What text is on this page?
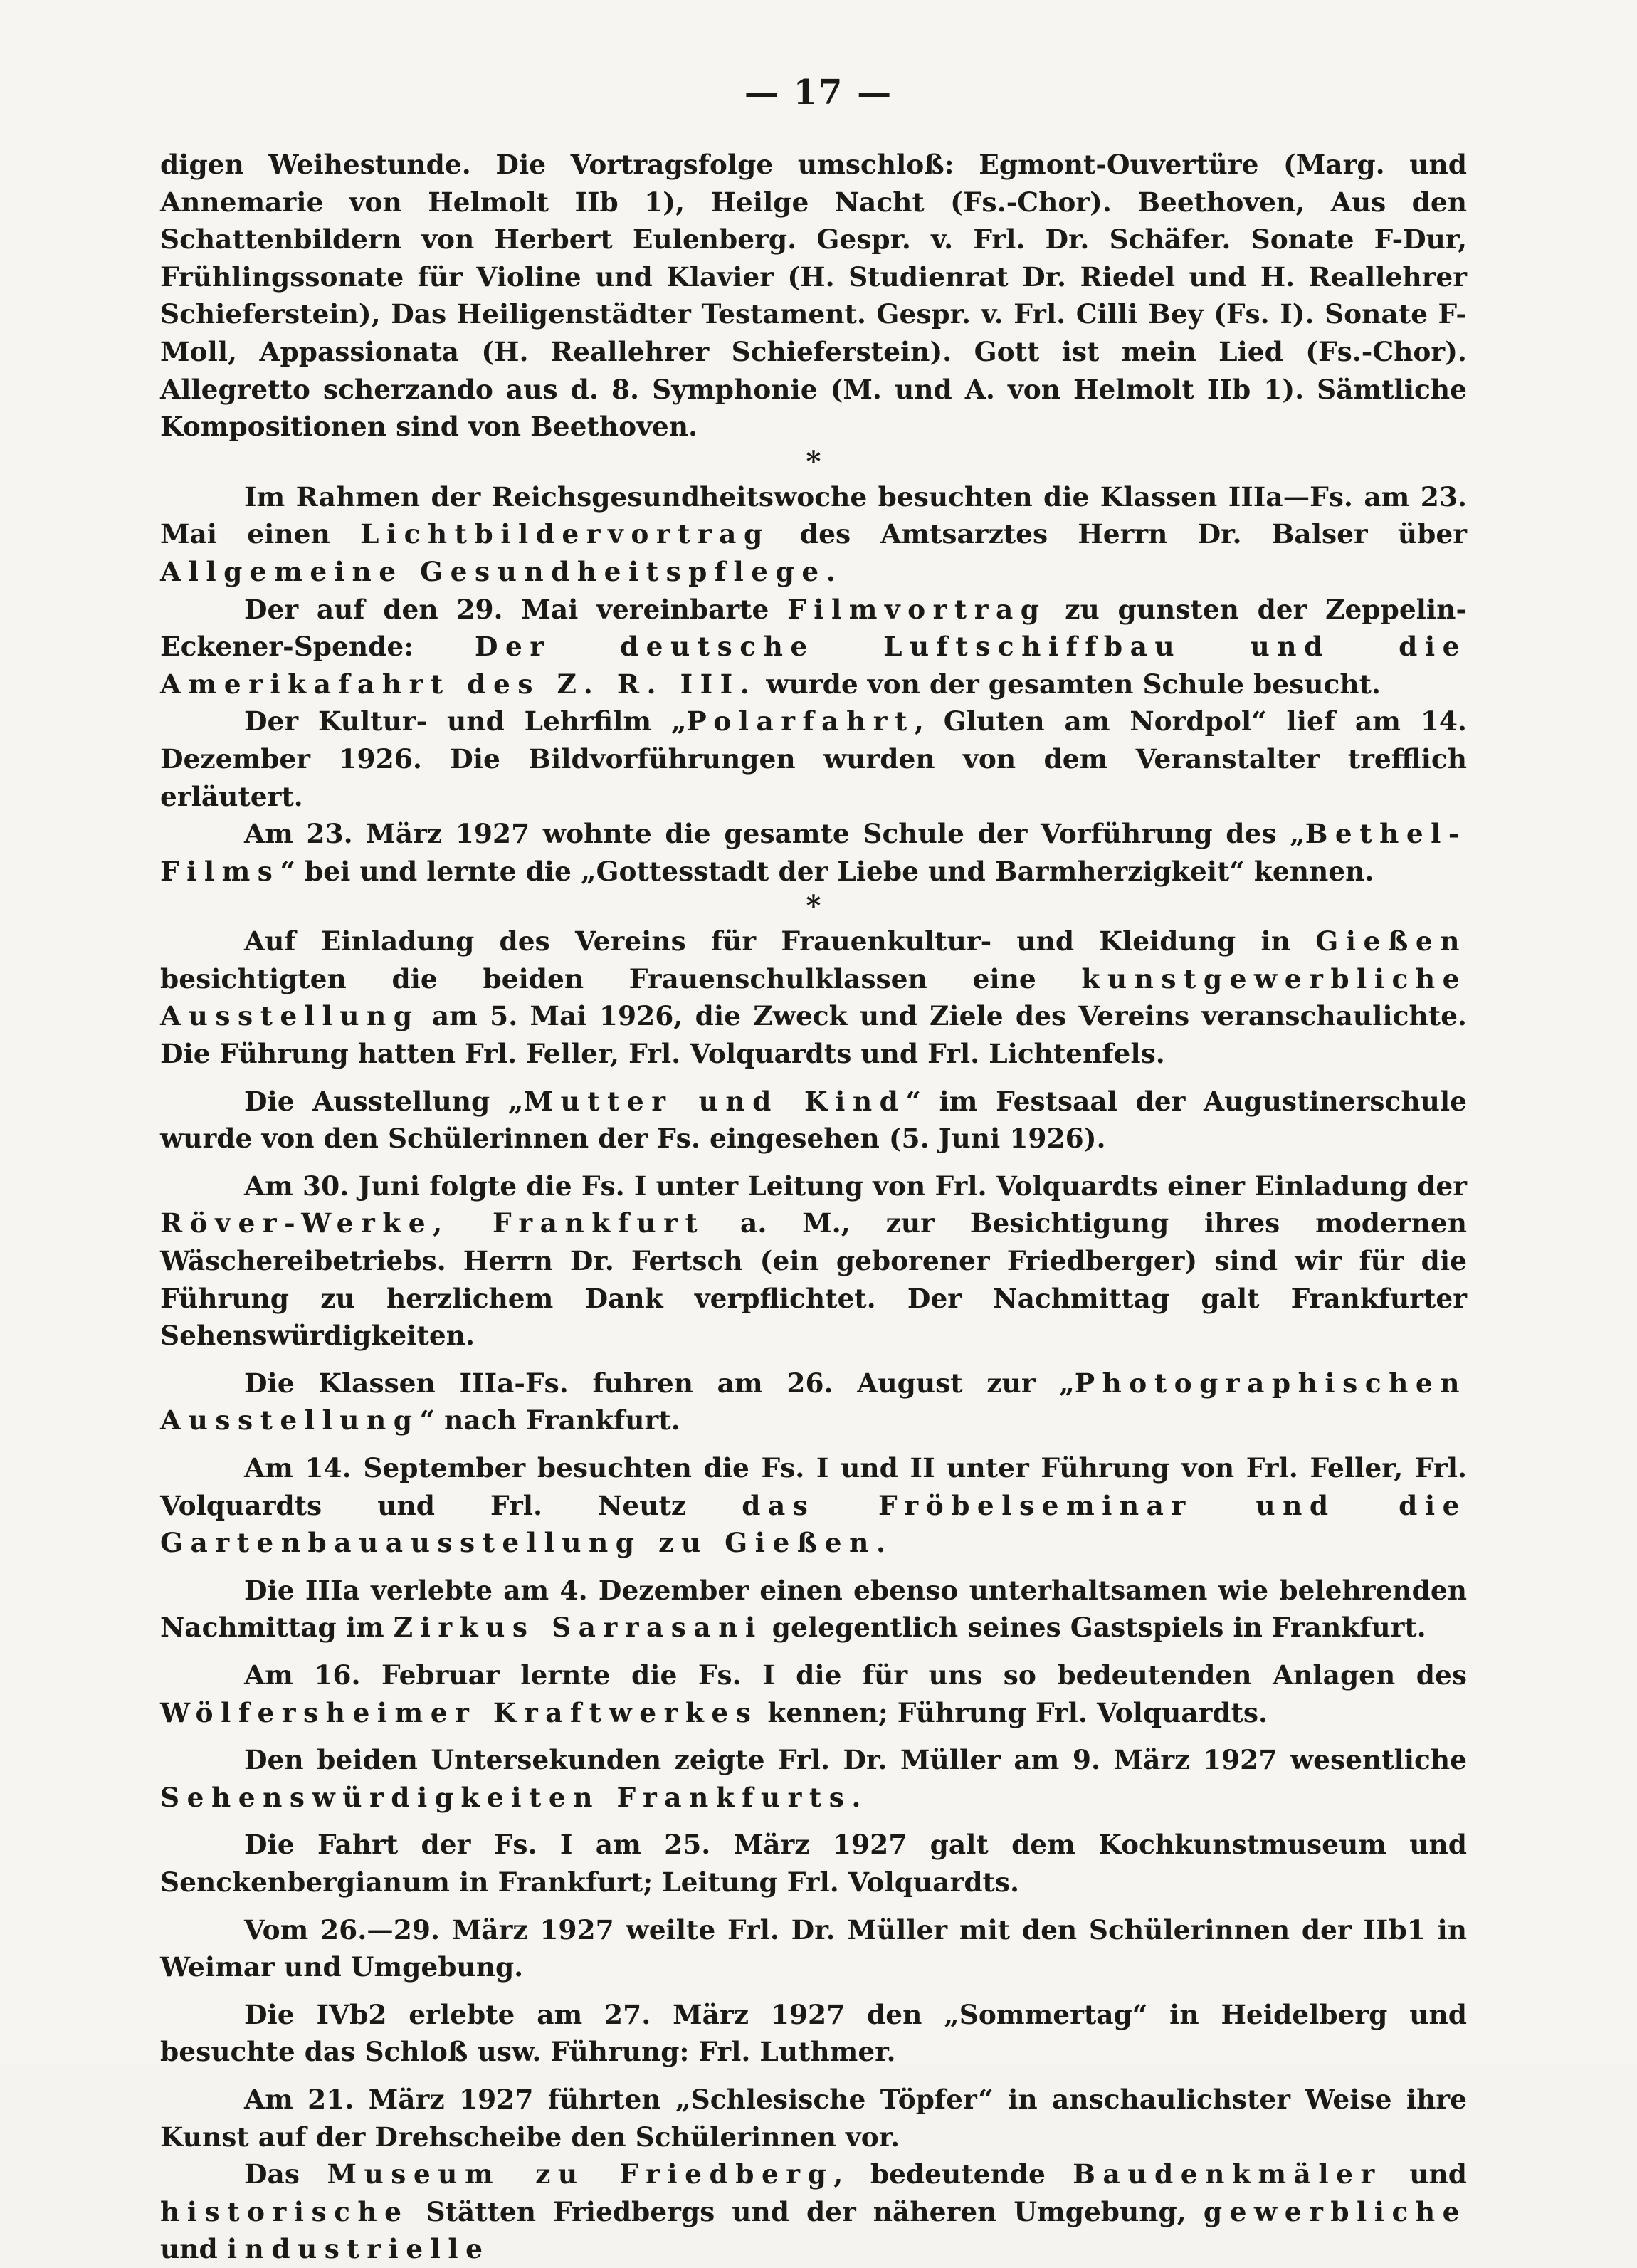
— 17 —

digen Weihestunde. Die Vortragsfolge umschloß: Egmont-Ouvertüre (Marg. und Annemarie von Helmolt IIb 1), Heilge Nacht (Fs.-Chor). Beethoven, Aus den Schattenbildern von Herbert Eulenberg. Gespr. v. Frl. Dr. Schäfer. Sonate F-Dur, Frühlingssonate für Violine und Klavier (H. Studienrat Dr. Riedel und H. Reallehrer Schieferstein), Das Heiligenstädter Testament. Gespr. v. Frl. Cilli Bey (Fs. I). Sonate F-Moll, Appassionata (H. Reallehrer Schieferstein). Gott ist mein Lied (Fs.-Chor). Allegretto scherzando aus d. 8. Symphonie (M. und A. von Helmolt IIb 1). Sämtliche Kompositionen sind von Beethoven.

*

Im Rahmen der Reichsgesundheitswoche besuchten die Klassen IIIa—Fs. am 23. Mai einen Lichtbildervortrag des Amtsarztes Herrn Dr. Balser über Allgemeine Gesundheitspflege.

Der auf den 29. Mai vereinbarte Filmvortrag zu gunsten der Zeppelin-Eckener-Spende: Der deutsche Luftschiffbau und die Amerikafahrt des Z. R. III. wurde von der gesamten Schule besucht.

Der Kultur- und Lehrfilm „Polarfahrt, Gluten am Nordpol“ lief am 14. Dezember 1926. Die Bildvorführungen wurden von dem Veranstalter trefflich erläutert.

Am 23. März 1927 wohnte die gesamte Schule der Vorführung des „Bethel-Films“ bei und lernte die „Gottesstadt der Liebe und Barmherzigkeit“ kennen.

*

Auf Einladung des Vereins für Frauenkultur- und Kleidung in Gießen besichtigten die beiden Frauenschulklassen eine kunstgewerbliche Ausstellung am 5. Mai 1926, die Zweck und Ziele des Vereins veranschaulichte. Die Führung hatten Frl. Feller, Frl. Volquardts und Frl. Lichtenfels.

Die Ausstellung „Mutter und Kind“ im Festsaal der Augustinerschule wurde von den Schülerinnen der Fs. eingesehen (5. Juni 1926).

Am 30. Juni folgte die Fs. I unter Leitung von Frl. Volquardts einer Einladung der Röver-Werke, Frankfurt a. M., zur Besichtigung ihres modernen Wäschereibetriebs. Herrn Dr. Fertsch (ein geborener Friedberger) sind wir für die Führung zu herzlichem Dank verpflichtet. Der Nachmittag galt Frankfurter Sehenswürdigkeiten.

Die Klassen IIIa-Fs. fuhren am 26. August zur „Photographischen Ausstellung“ nach Frankfurt.

Am 14. September besuchten die Fs. I und II unter Führung von Frl. Feller, Frl. Volquardts und Frl. Neutz das Fröbelseminar und die Gartenbauausstellung zu Gießen.

Die IIIa verlebte am 4. Dezember einen ebenso unterhaltsamen wie belehrenden Nachmittag im Zirkus Sarrasani gelegentlich seines Gastspiels in Frankfurt.

Am 16. Februar lernte die Fs. I die für uns so bedeutenden Anlagen des Wölfersheimer Kraftwerkes kennen; Führung Frl. Volquardts.

Den beiden Untersekunden zeigte Frl. Dr. Müller am 9. März 1927 wesentliche Sehenswürdigkeiten Frankfurts.

Die Fahrt der Fs. I am 25. März 1927 galt dem Kochkunstmuseum und Senckenbergianum in Frankfurt; Leitung Frl. Volquardts.

Vom 26.—29. März 1927 weilte Frl. Dr. Müller mit den Schülerinnen der IIb1 in Weimar und Umgebung.

Die IVb2 erlebte am 27. März 1927 den „Sommertag“ in Heidelberg und besuchte das Schloß usw. Führung: Frl. Luthmer.

Am 21. März 1927 führten „Schlesische Töpfer“ in anschaulichster Weise ihre Kunst auf der Drehscheibe den Schülerinnen vor.

Das Museum zu Friedberg, bedeutende Baudenkmäler und historische Stätten Friedbergs und der näheren Umgebung, gewerbliche und industrielle
